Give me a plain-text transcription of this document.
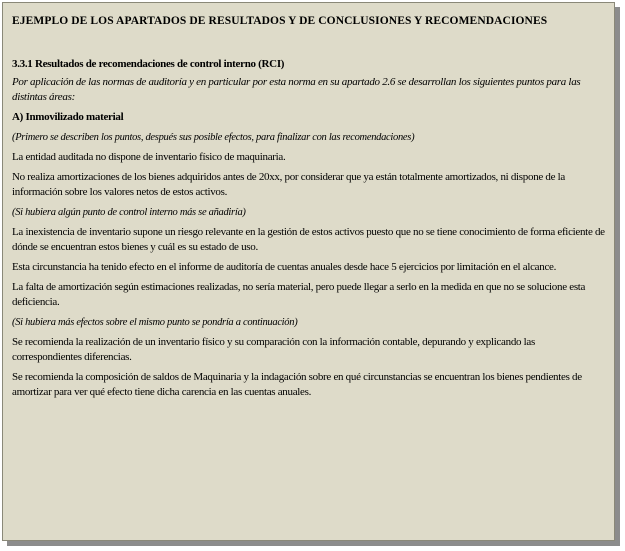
EJEMPLO DE LOS APARTADOS DE RESULTADOS Y DE CONCLUSIONES Y RECOMENDACIONES

3.3.1 Resultados de recomendaciones de control interno (RCI)

Por aplicación de las normas de auditoría y en particular por esta norma en su apartado 2.6 se desarrollan los siguientes puntos para las distintas áreas:

A) Inmovilizado material

(Primero se describen los puntos, después sus posible efectos, para finalizar con las recomendaciones)

La entidad auditada no dispone de inventario físico de maquinaria.

No realiza amortizaciones de los bienes adquiridos antes de 20xx, por considerar que ya están totalmente amortizados, ni dispone de la información sobre los valores netos de estos activos.

(Si hubiera algún punto de control interno más se añadiría)

La inexistencia de inventario supone un riesgo relevante en la gestión de estos activos puesto que no se tiene conocimiento de forma eficiente de dónde se encuentran estos bienes y cuál es su estado de uso.

Esta circunstancia ha tenido efecto en el informe de auditoría de cuentas anuales desde hace 5 ejercicios por limitación en el alcance.

La falta de amortización según estimaciones realizadas, no sería material, pero puede llegar a serlo en la medida en que no se solucione esta deficiencia.

(Si hubiera más efectos sobre el mismo punto se pondría a continuación)

Se recomienda la realización de un inventario físico y su comparación con la información contable, depurando y explicando las correspondientes diferencias.

Se recomienda la composición de saldos de Maquinaria y la indagación sobre en qué circunstancias se encuentran los bienes pendientes de amortizar para ver qué efecto tiene dicha carencia en las cuentas anuales.
